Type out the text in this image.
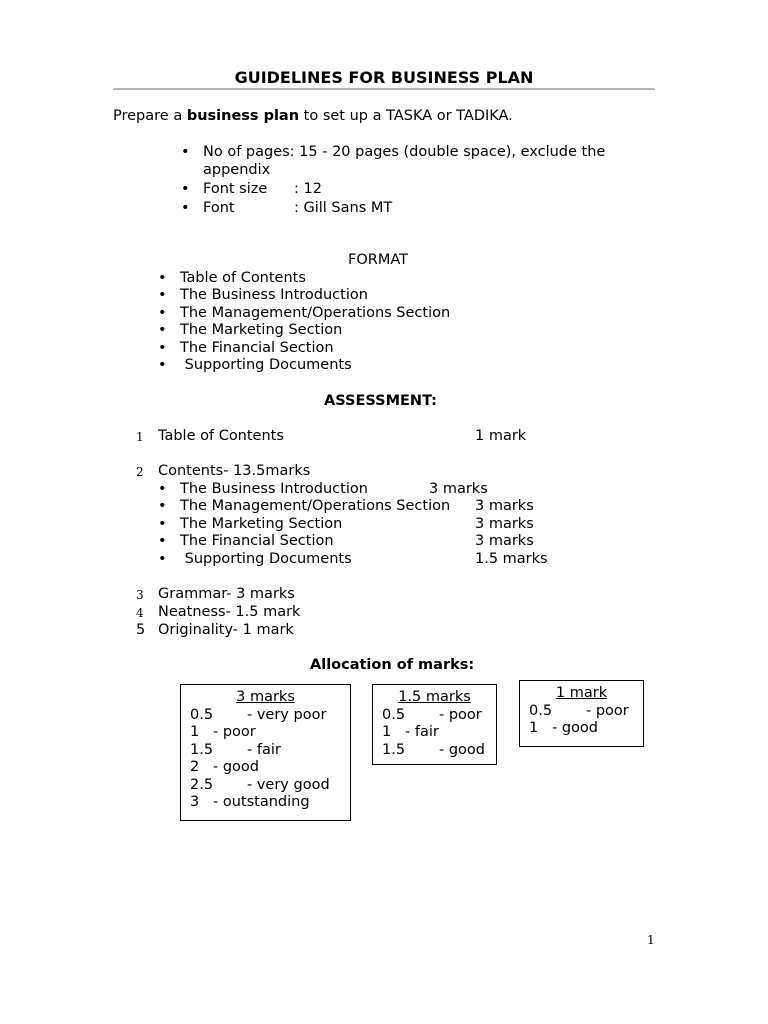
GUIDELINES FOR BUSINESS PLAN
Prepare a business plan to set up a TASKA or TADIKA.
• No of pages: 15 - 20 pages (double space), exclude the
appendix
• Font size : 12
• Font	: Gill Sans MT
FORMAT
• Table of Contents
• The Business Introduction
• The Management/Operations Section
• The Marketing Section
• The Financial Section
•  Supporting Documents
ASSESSMENT:
1 Table of Contents	1 mark
2 Contents- 13.5marks
• The Business Introduction	3 marks
• The Management/Operations Section 3 marks
• The Marketing Section	3 marks
• The Financial Section	3 marks
•  Supporting Documents	1.5 marks
3 Grammar- 3 marks
4 Neatness- 1.5 mark
5 Originality- 1 mark
Allocation of marks:
3 marks
0.5 - very poor
1 - poor
1.5 - fair
2 - good
2.5 - very good
3 - outstanding
1.5 marks
0.5 - poor
1 - fair
1.5 - good
1 mark
0.5 - poor
1 - good
1
